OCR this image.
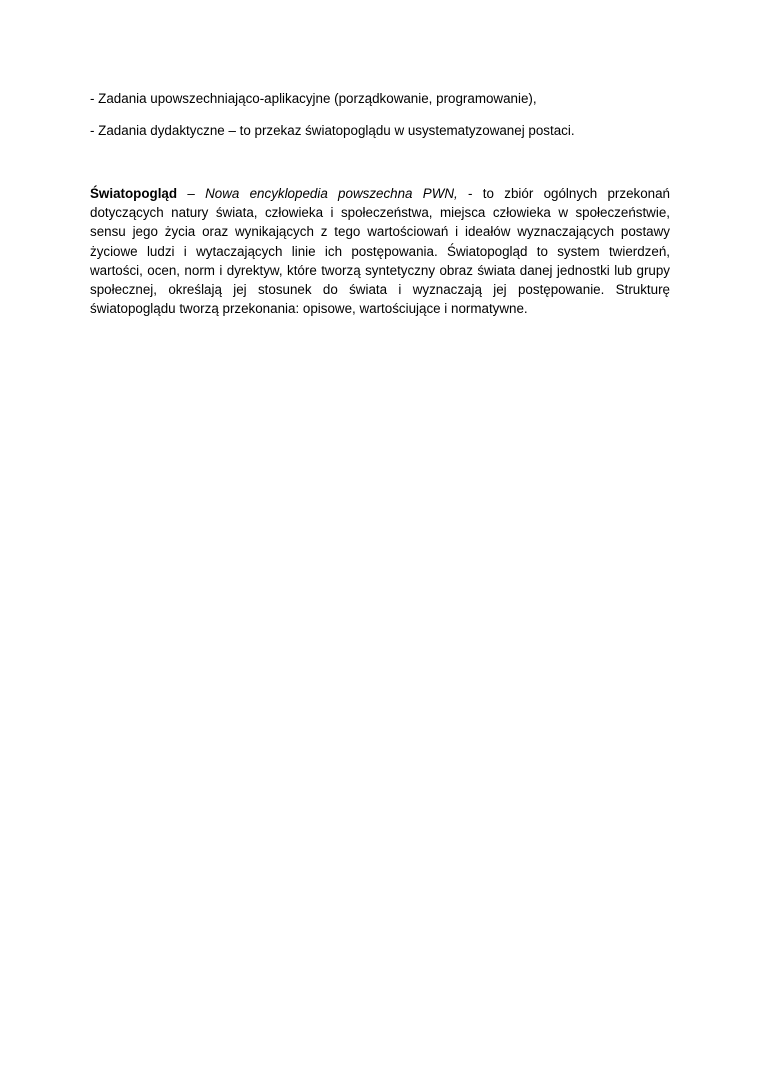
- Zadania upowszechniająco-aplikacyjne (porządkowanie, programowanie),
- Zadania dydaktyczne – to przekaz światopoglądu w usystematyzowanej postaci.

Światopogląd – Nowa encyklopedia powszechna PWN, - to zbiór ogólnych przekonań dotyczących natury świata, człowieka i społeczeństwa, miejsca człowieka w społeczeństwie, sensu jego życia oraz wynikających z tego wartościowań i ideałów wyznaczających postawy życiowe ludzi i wytaczających linie ich postępowania. Światopogląd to system twierdzeń, wartości, ocen, norm i dyrektyw, które tworzą syntetyczny obraz świata danej jednostki lub grupy społecznej, określają jej stosunek do świata i wyznaczają jej postępowanie. Strukturę światopoglądu tworzą przekonania: opisowe, wartościujące i normatywne.
